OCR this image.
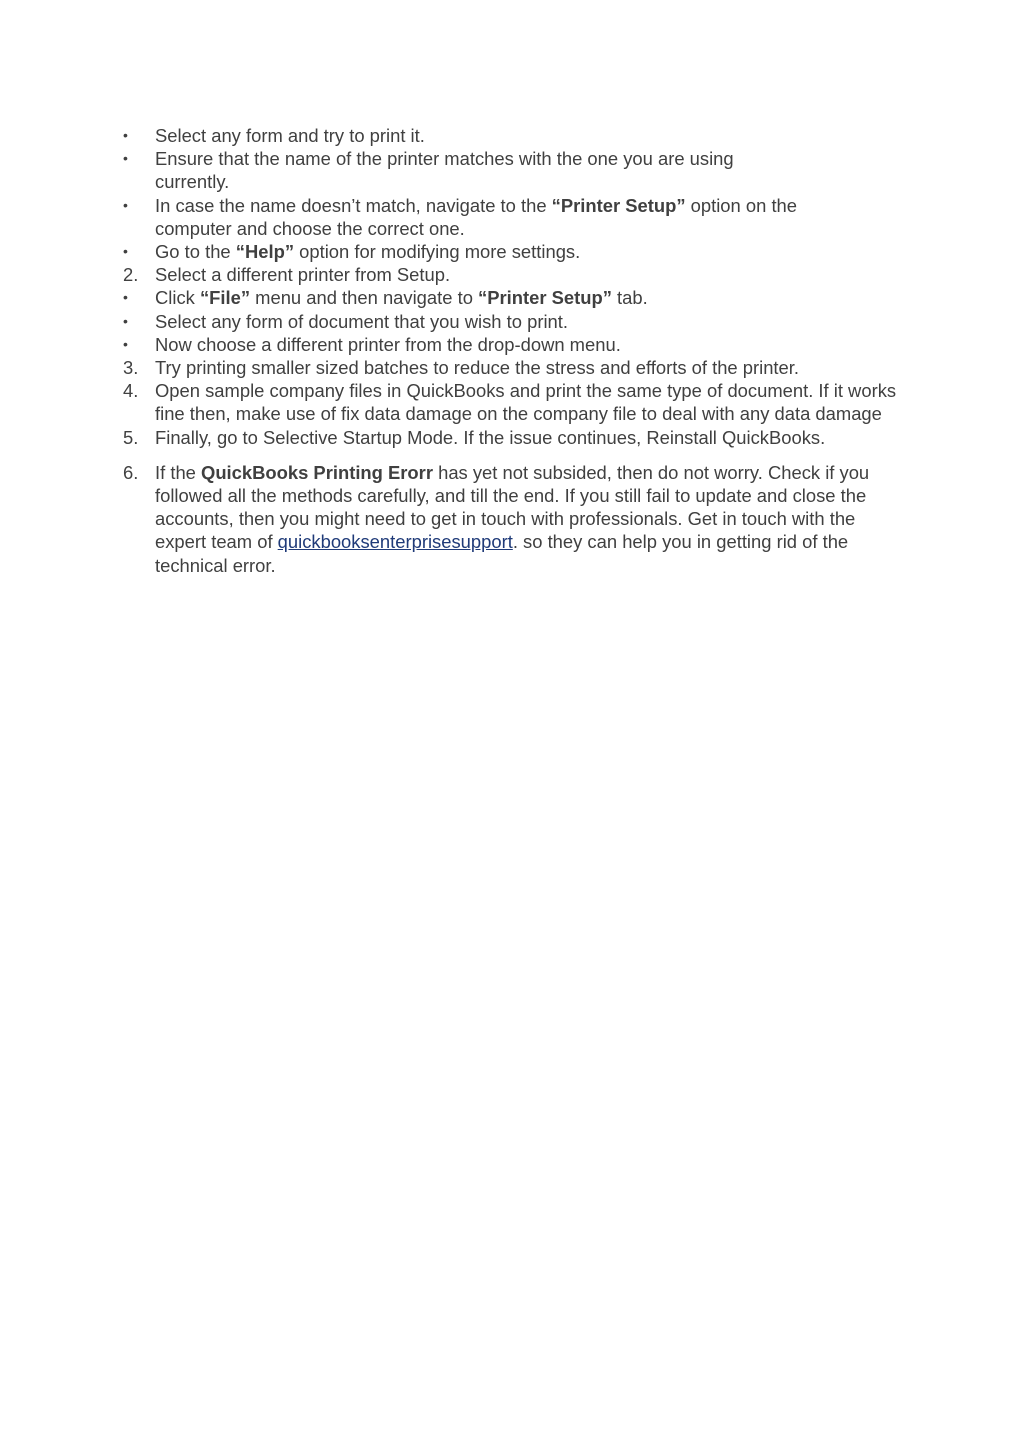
•	Select any form and try to print it.
•	Ensure that the name of the printer matches with the one you are using currently.
•	In case the name doesn’t match, navigate to the “Printer Setup” option on the computer and choose the correct one.
•	Go to the “Help” option for modifying more settings.
2. Select a different printer from Setup.
•	Click “File” menu and then navigate to “Printer Setup” tab.
•	Select any form of document that you wish to print.
•	Now choose a different printer from the drop-down menu.
3. Try printing smaller sized batches to reduce the stress and efforts of the printer.
4. Open sample company files in QuickBooks and print the same type of document. If it works fine then, make use of fix data damage on the company file to deal with any data damage
5. Finally, go to Selective Startup Mode. If the issue continues, Reinstall QuickBooks.
6. If the QuickBooks Printing Erorr has yet not subsided, then do not worry. Check if you followed all the methods carefully, and till the end. If you still fail to update and close the accounts, then you might need to get in touch with professionals. Get in touch with the expert team of quickbooksenterprisesupport. so they can help you in getting rid of the technical error.
